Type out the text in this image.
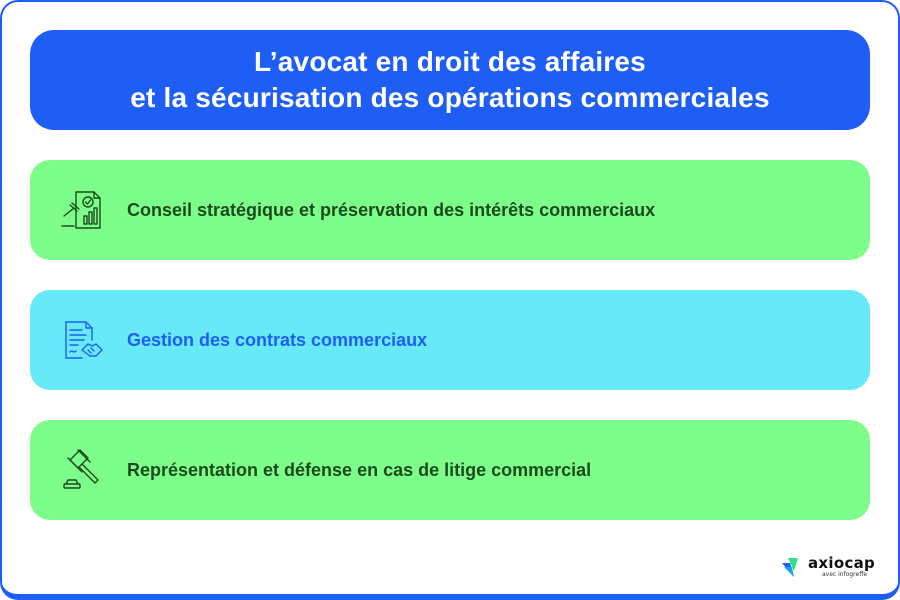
L’avocat en droit des affaires
et la sécurisation des opérations commerciales
Conseil stratégique et préservation des intérêts commerciaux
Gestion des contrats commerciaux
Représentation et défense en cas de litige commercial
axiocap
avec infogreffe
